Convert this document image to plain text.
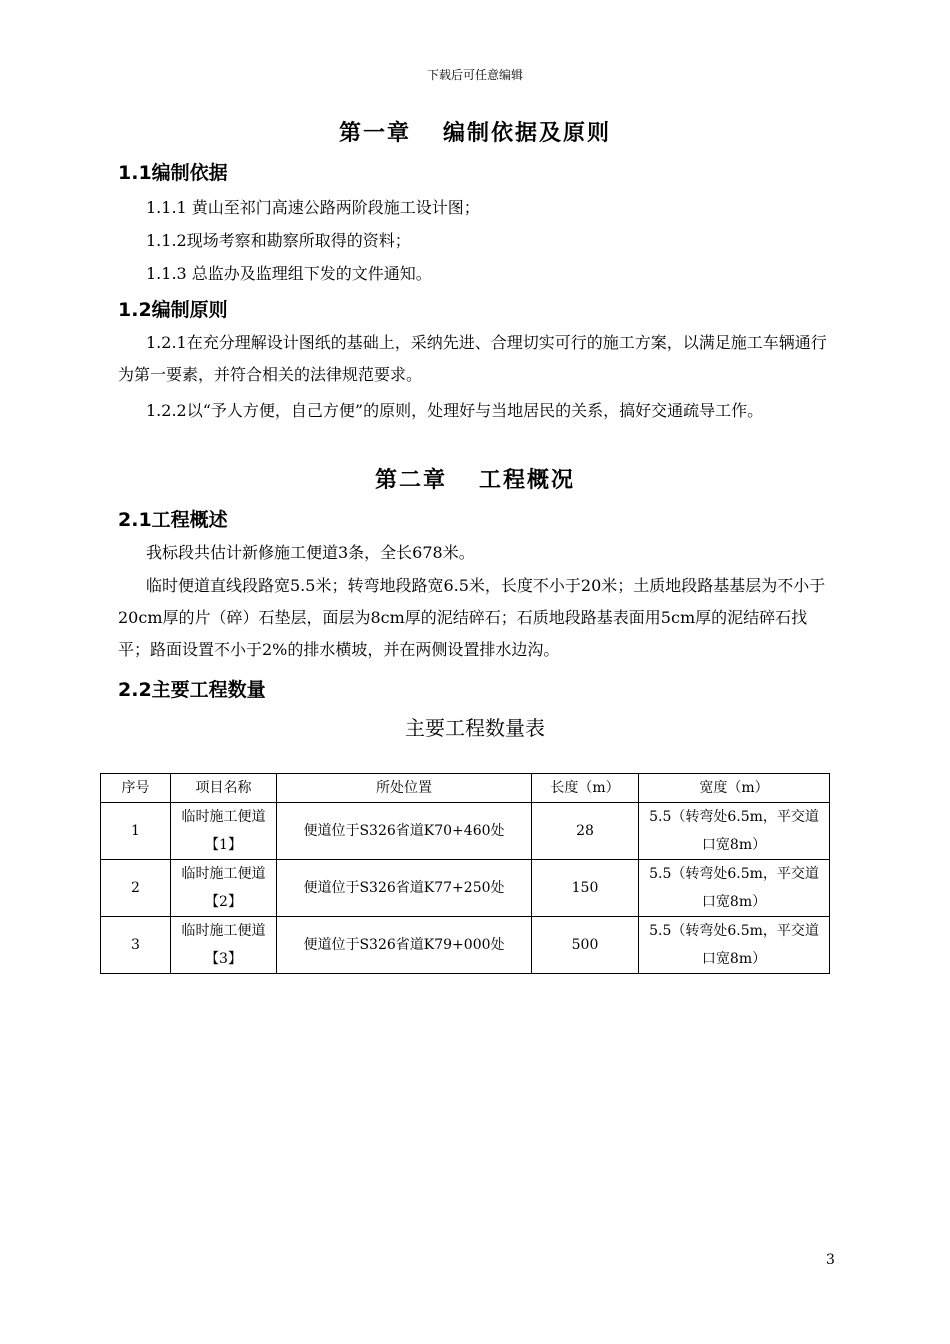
下载后可任意编辑
第一章 编制依据及原则
1.1编制依据
1.1.1 黄山至祁门高速公路两阶段施工设计图；
1.1.2现场考察和勘察所取得的资料；
1.1.3 总监办及监理组下发的文件通知。
1.2编制原则
1.2.1在充分理解设计图纸的基础上，采纳先进、合理切实可行的施工方案，以满足施工车辆通行为第一要素，并符合相关的法律规范要求。
1.2.2以“予人方便，自己方便”的原则，处理好与当地居民的关系，搞好交通疏导工作。
第二章 工程概况
2.1工程概述
我标段共估计新修施工便道3条，全长678米。
临时便道直线段路宽5.5米；转弯地段路宽6.5米，长度不小于20米；土质地段路基基层为不小于20cm厚的片（碎）石垫层，面层为8cm厚的泥结碎石；石质地段路基表面用5cm厚的泥结碎石找平；路面设置不小于2%的排水横坡，并在两侧设置排水边沟。
2.2主要工程数量
主要工程数量表
序号	项目名称	所处位置	长度（m）	宽度（m）
1	临时施工便道【1】	便道位于S326省道K70+460处	28	5.5（转弯处6.5m，平交道口宽8m）
2	临时施工便道【2】	便道位于S326省道K77+250处	150	5.5（转弯处6.5m，平交道口宽8m）
3	临时施工便道【3】	便道位于S326省道K79+000处	500	5.5（转弯处6.5m，平交道口宽8m）
3
